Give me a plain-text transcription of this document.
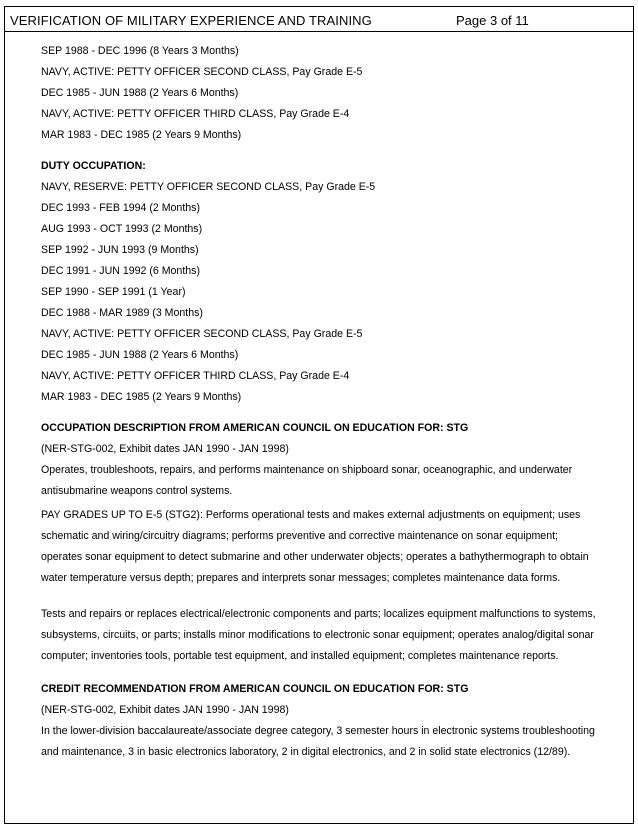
VERIFICATION OF MILITARY EXPERIENCE AND TRAINING	Page 3 of 11
SEP 1988 - DEC 1996 (8 Years 3 Months)
NAVY, ACTIVE: PETTY OFFICER SECOND CLASS, Pay Grade E-5
DEC 1985 - JUN 1988 (2 Years 6 Months)
NAVY, ACTIVE: PETTY OFFICER THIRD CLASS, Pay Grade E-4
MAR 1983 - DEC 1985 (2 Years 9 Months)
DUTY OCCUPATION:
NAVY, RESERVE: PETTY OFFICER SECOND CLASS, Pay Grade E-5
DEC 1993 - FEB 1994 (2 Months)
AUG 1993 - OCT 1993 (2 Months)
SEP 1992 - JUN 1993 (9 Months)
DEC 1991 - JUN 1992 (6 Months)
SEP 1990 - SEP 1991 (1 Year)
DEC 1988 - MAR 1989 (3 Months)
NAVY, ACTIVE: PETTY OFFICER SECOND CLASS, Pay Grade E-5
DEC 1985 - JUN 1988 (2 Years 6 Months)
NAVY, ACTIVE: PETTY OFFICER THIRD CLASS, Pay Grade E-4
MAR 1983 - DEC 1985 (2 Years 9 Months)
OCCUPATION DESCRIPTION FROM AMERICAN COUNCIL ON EDUCATION FOR: STG
(NER-STG-002, Exhibit dates JAN 1990 - JAN 1998)
Operates, troubleshoots, repairs, and performs maintenance on shipboard sonar, oceanographic, and underwater antisubmarine weapons control systems.
PAY GRADES UP TO E-5 (STG2): Performs operational tests and makes external adjustments on equipment; uses schematic and wiring/circuitry diagrams; performs preventive and corrective maintenance on sonar equipment; operates sonar equipment to detect submarine and other underwater objects; operates a bathythermograph to obtain water temperature versus depth; prepares and interprets sonar messages; completes maintenance data forms.
Tests and repairs or replaces electrical/electronic components and parts; localizes equipment malfunctions to systems, subsystems, circuits, or parts; installs minor modifications to electronic sonar equipment; operates analog/digital sonar computer; inventories tools, portable test equipment, and installed equipment; completes maintenance reports.
CREDIT RECOMMENDATION FROM AMERICAN COUNCIL ON EDUCATION FOR: STG
(NER-STG-002, Exhibit dates JAN 1990 - JAN 1998)
In the lower-division baccalaureate/associate degree category, 3 semester hours in electronic systems troubleshooting and maintenance, 3 in basic electronics laboratory, 2 in digital electronics, and 2 in solid state electronics (12/89).
